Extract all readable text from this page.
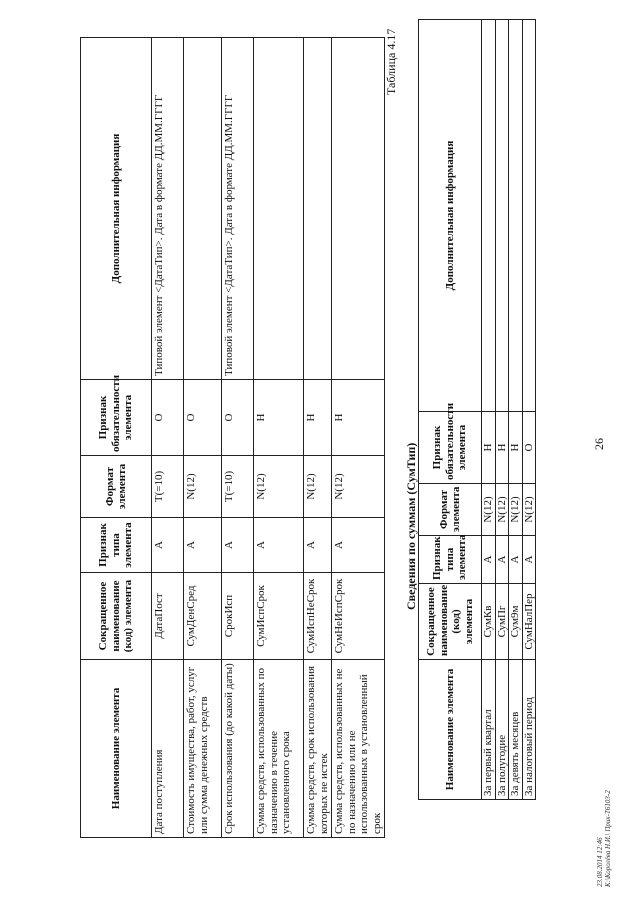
26
Наименование элемента	Сокращенное наименование (код) элемента	Признак типа элемента	Формат элемента	Признак обязательности элемента	Дополнительная информация
Дата поступления	ДатаПост	A	T(=10)	O	Типовой элемент <ДатаТип>. Дата в формате ДД.ММ.ГГГГ
Стоимость имущества, работ, услуг или сумма денежных средств	СумДенСред	A	N(12)	O	
Срок использования (до какой даты)	СрокИсп	A	T(=10)	O	Типовой элемент <ДатаТип>. Дата в формате ДД.ММ.ГГГГ
Сумма средств, использованных по назначению в течение установленного срока	СумИспСрок	A	N(12)	H	
Сумма средств, срок использования которых не истек	СумИспНеСрок	A	N(12)	H	
Сумма средств, использованных не по назначению или не использованных в установленный срок	СумНеИспСрок	A	N(12)	H	
Таблица 4.17
Сведения по суммам (СумТип)
Наименование элемента	Сокращенное наименование (код) элемента	Признак типа элемента	Формат элемента	Признак обязательности элемента	Дополнительная информация
За первый квартал	СумКв	A	N(12)	H	
За полугодие	СумПг	A	N(12)	H	
За девять месяцев	Сум9м	A	N(12)	H	
За налоговый период	СумНалПер	A	N(12)	O	
23.08.2014 12:46 К:\Королёва Н.И.\ Прик-Т6103-2
